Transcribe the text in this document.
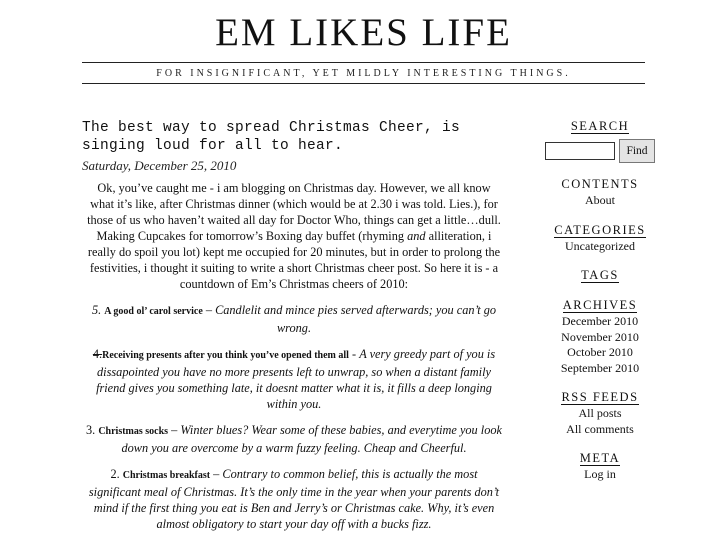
EM LIKES LIFE
FOR INSIGNIFICANT, YET MILDLY INTERESTING THINGS.
The best way to spread Christmas Cheer, is singing loud for all to hear.
Saturday, December 25, 2010

Ok, you’ve caught me - i am blogging on Christmas day. However, we all know what it’s like, after Christmas dinner (which would be at 2.30 i was told. Lies.), for those of us who haven’t waited all day for Doctor Who, things can get a little…dull. Making Cupcakes for tomorrow’s Boxing day buffet (rhyming and alliteration, i really do spoil you lot) kept me occupied for 20 minutes, but in order to prolong the festivities, i thought it suiting to write a short Christmas cheer post. So here it is - a countdown of Em’s Christmas cheers of 2010:

5. A good ol’ carol service – Candlelit and mince pies served afterwards; you can’t go wrong.

4.Receiving presents after you think you’ve opened them all - A very greedy part of you is dissapointed you have no more presents left to unwrap, so when a distant family friend gives you something late, it doesnt matter what it is, it fills a deep longing within you.

3. Christmas socks – Winter blues? Wear some of these babies, and everytime you look down you are overcome by a warm fuzzy feeling. Cheap and Cheerful.

2. Christmas breakfast – Contrary to common belief, this is actually the most significant meal of Christmas. It’s the only time in the year when your parents don’t mind if the first thing you eat is Ben and Jerry’s or Christmas cake. Why, it’s even almost obligatory to start your day off with a bucks fizz.

SEARCH
Find
CONTENTS
About
CATEGORIES
Uncategorized
TAGS
ARCHIVES
December 2010
November 2010
October 2010
September 2010
RSS FEEDS
All posts
All comments
META
Log in
